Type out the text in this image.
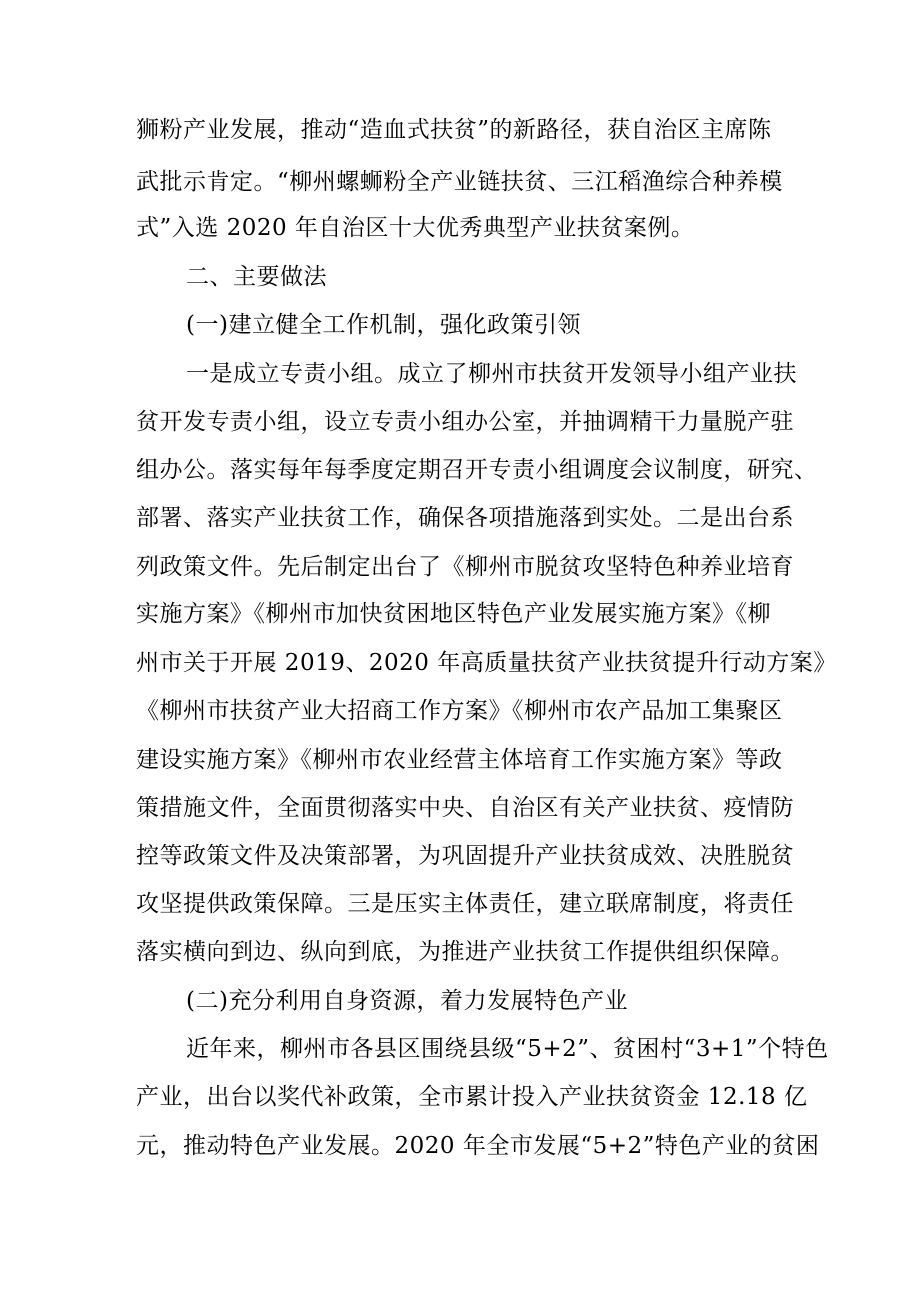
狮粉产业发展，推动“造血式扶贫”的新路径，获自治区主席陈
武批示肯定。“柳州螺蛳粉全产业链扶贫、三江稻渔综合种养模
式”入选 2020 年自治区十大优秀典型产业扶贫案例。
二、主要做法
(一)建立健全工作机制，强化政策引领
一是成立专责小组。成立了柳州市扶贫开发领导小组产业扶
贫开发专责小组，设立专责小组办公室，并抽调精干力量脱产驻
组办公。落实每年每季度定期召开专责小组调度会议制度，研究、
部署、落实产业扶贫工作，确保各项措施落到实处。二是出台系
列政策文件。先后制定出台了《柳州市脱贫攻坚特色种养业培育
实施方案》《柳州市加快贫困地区特色产业发展实施方案》《柳
州市关于开展 2019、2020 年高质量扶贫产业扶贫提升行动方案》
《柳州市扶贫产业大招商工作方案》《柳州市农产品加工集聚区
建设实施方案》《柳州市农业经营主体培育工作实施方案》等政
策措施文件，全面贯彻落实中央、自治区有关产业扶贫、疫情防
控等政策文件及决策部署，为巩固提升产业扶贫成效、决胜脱贫
攻坚提供政策保障。三是压实主体责任，建立联席制度，将责任
落实横向到边、纵向到底，为推进产业扶贫工作提供组织保障。
(二)充分利用自身资源，着力发展特色产业
近年来，柳州市各县区围绕县级“5+2”、贫困村“3+1”个特色
产业，出台以奖代补政策，全市累计投入产业扶贫资金 12.18 亿
元，推动特色产业发展。2020 年全市发展“5+2”特色产业的贫困
